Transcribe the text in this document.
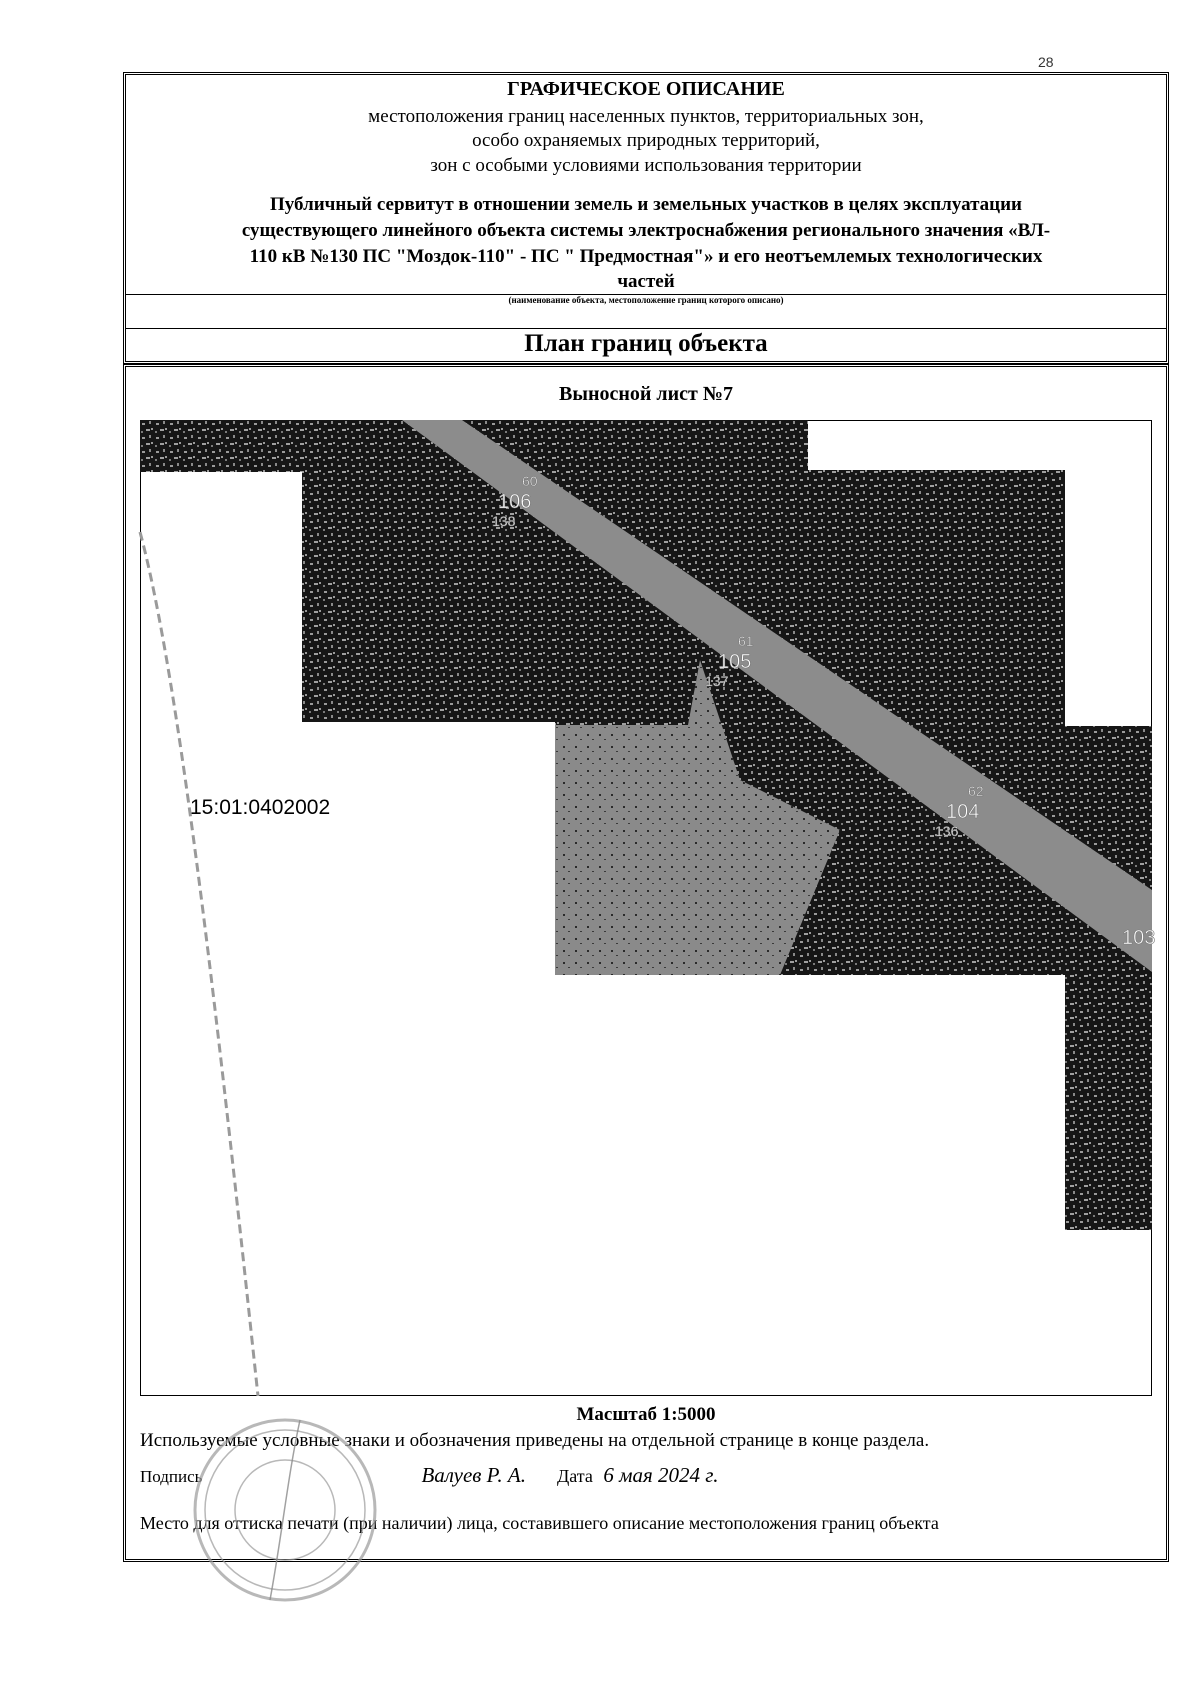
28
ГРАФИЧЕСКОЕ ОПИСАНИЕ
местоположения границ населенных пунктов, территориальных зон,
особо охраняемых природных территорий,
зон с особыми условиями использования территории
Публичный сервитут в отношении земель и земельных участков в целях эксплуатации
существующего линейного объекта системы электроснабжения регионального значения «ВЛ-
110 кВ №130 ПС "Моздок-110" - ПС " Предмостная"» и его неотъемлемых технологических
частей
(наименование объекта, местоположение границ которого описано)
План границ объекта
Выносной лист №7
60
106
138
61
105
137
62
104
136
103
15:01:0402002
Масштаб 1:5000
Используемые условные знаки и обозначения приведены на отдельной странице в конце раздела.
Подпись	Валуев Р. А. Дата 6 мая 2024 г.
Место для оттиска печати (при наличии) лица, составившего описание местоположения границ объекта
